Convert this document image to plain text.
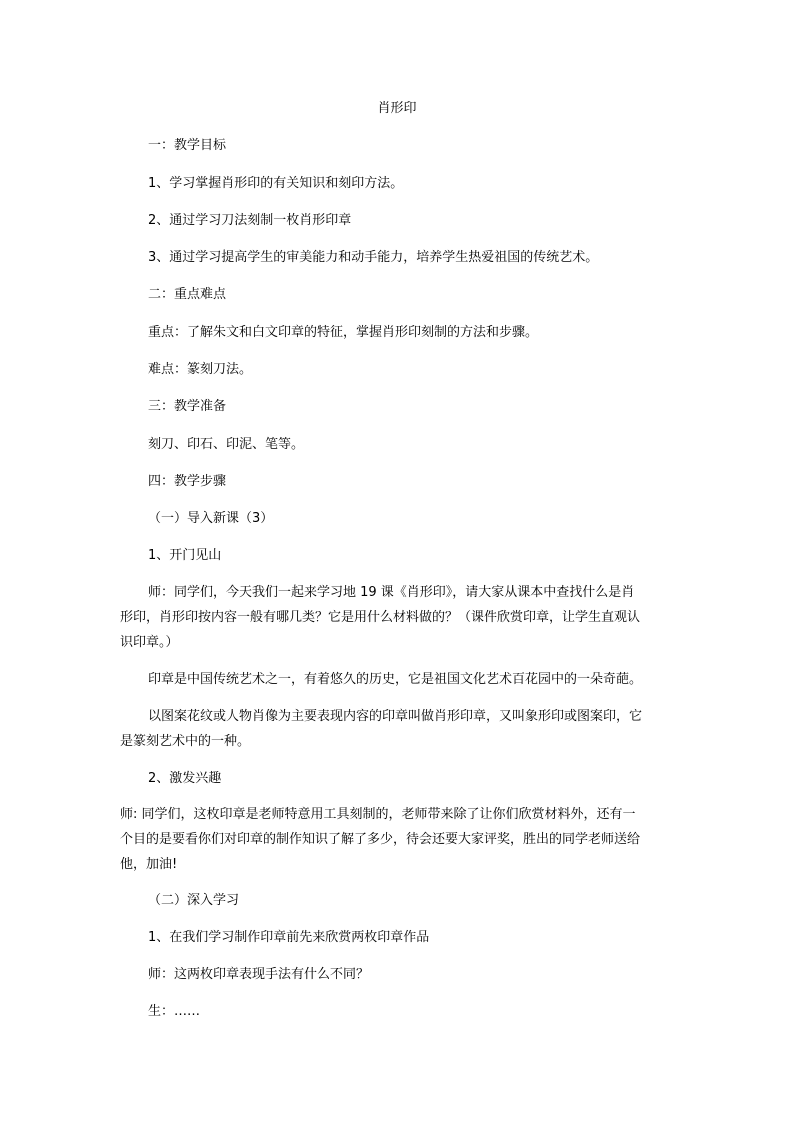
肖形印
一：教学目标
1、学习掌握肖形印的有关知识和刻印方法。
2、通过学习刀法刻制一枚肖形印章
3、通过学习提高学生的审美能力和动手能力，培养学生热爱祖国的传统艺术。
二：重点难点
重点：了解朱文和白文印章的特征，掌握肖形印刻制的方法和步骤。
难点：篆刻刀法。
三：教学准备
刻刀、印石、印泥、笔等。
四：教学步骤
（一）导入新课（3）
1、开门见山
师：同学们，今天我们一起来学习地 19 课《肖形印》，请大家从课本中查找什么是肖
形印，肖形印按内容一般有哪几类？它是用什么材料做的？（课件欣赏印章，让学生直观认
识印章。）
印章是中国传统艺术之一，有着悠久的历史，它是祖国文化艺术百花园中的一朵奇葩。
以图案花纹或人物肖像为主要表现内容的印章叫做肖形印章，又叫象形印或图案印，它
是篆刻艺术中的一种。
2、激发兴趣
师: 同学们，这枚印章是老师特意用工具刻制的，老师带来除了让你们欣赏材料外，还有一
个目的是要看你们对印章的制作知识了解了多少，待会还要大家评奖，胜出的同学老师送给
他，加油!
（二）深入学习
1、在我们学习制作印章前先来欣赏两枚印章作品
师：这两枚印章表现手法有什么不同？
生：……
